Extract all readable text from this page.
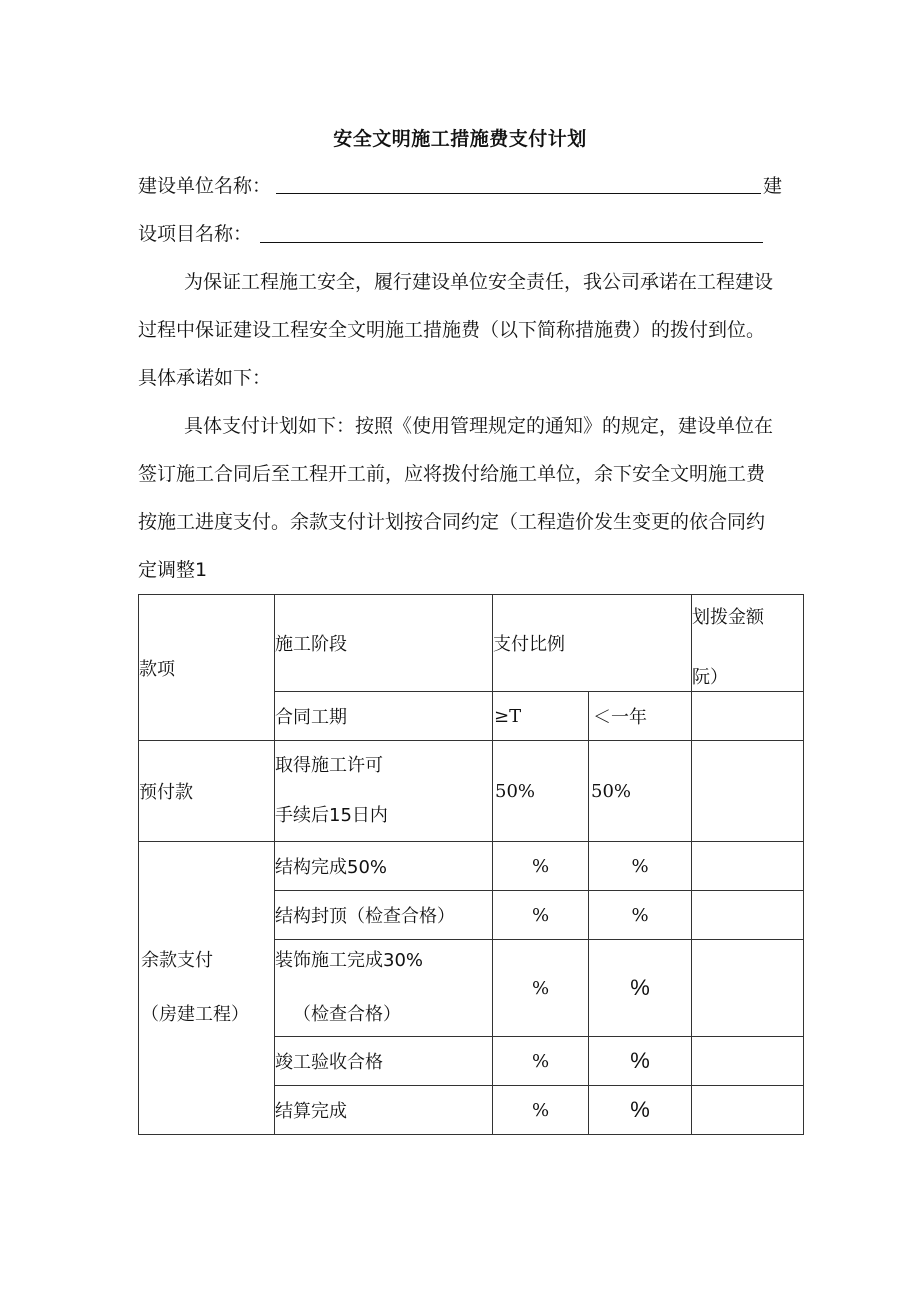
安全文明施工措施费支付计划
建设单位名称：	建
设项目名称：
为保证工程施工安全，履行建设单位安全责任，我公司承诺在工程建设
过程中保证建设工程安全文明施工措施费（以下简称措施费）的拨付到位。
具体承诺如下：
具体支付计划如下：按照《使用管理规定的通知》的规定，建设单位在
签订施工合同后至工程开工前，应将拨付给施工单位，余下安全文明施工费
按施工进度支付。余款支付计划按合同约定（工程造价发生变更的依合同约
定调整1
款项	施工阶段	支付比例		划拨金额
阮）

	合同工期	≥T	＜一年	
预付款	取得施工许可
手续后15日内	50%	50%	

余款支付
（房建工程）	结构完成50%	%	%	
	结构封顶（检查合格）	%	%	

	装饰施工完成30%
（检查合格）	%	%	
	竣工验收合格	%	%	
	结算完成	%	%	
